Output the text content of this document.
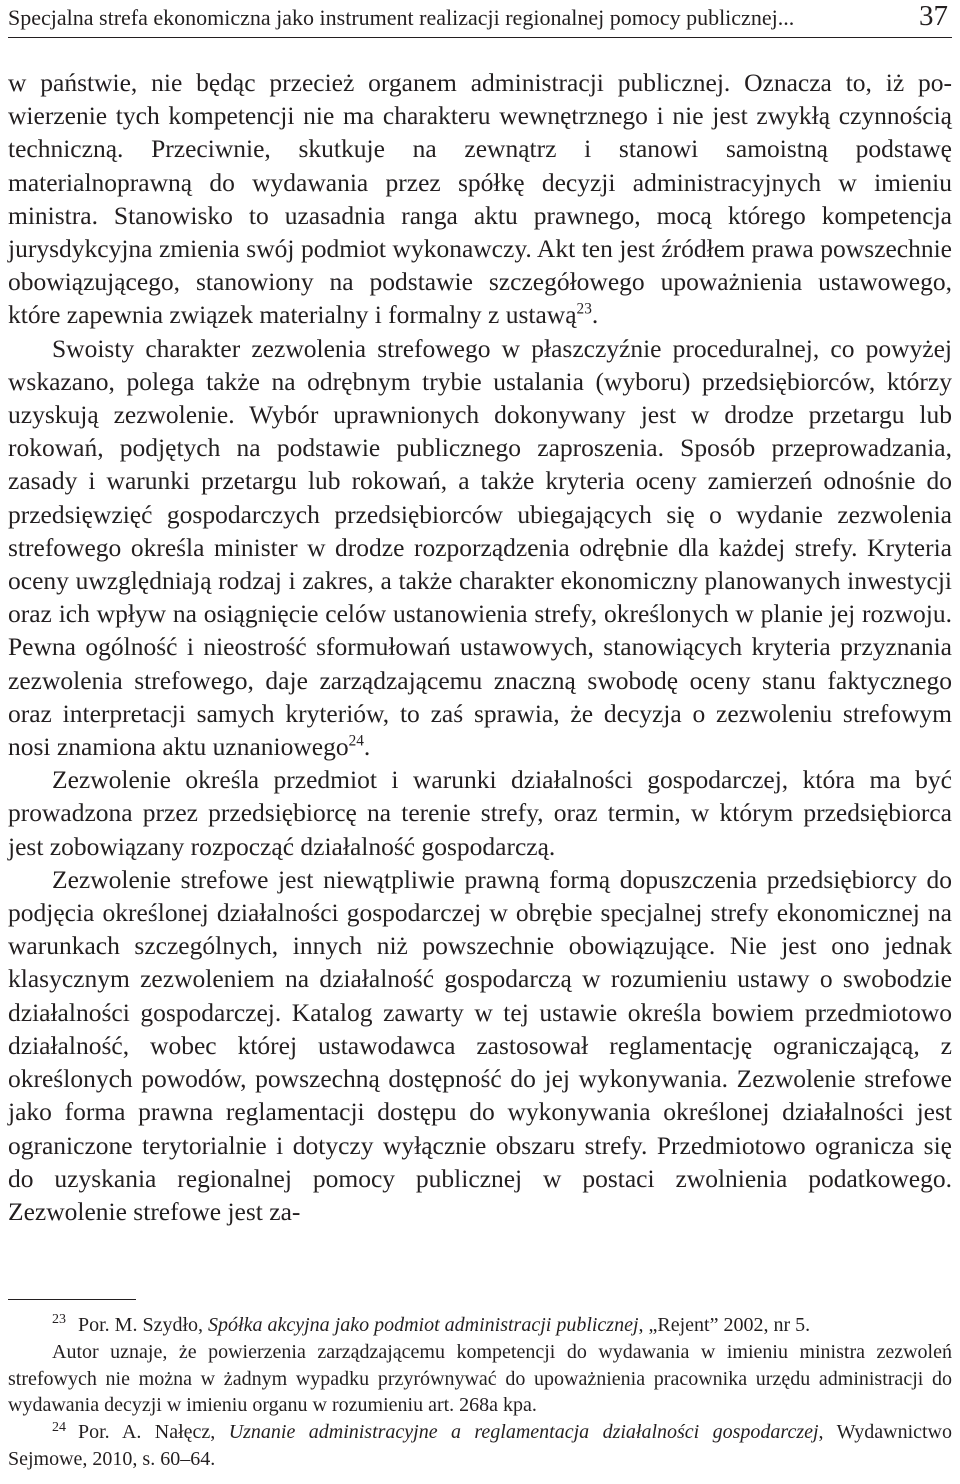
Specjalna strefa ekonomiczna jako instrument realizacji regionalnej pomocy publicznej...	37

w państwie, nie będąc przecież organem administracji publicznej. Oznacza to, iż powierzenie tych kompetencji nie ma charakteru wewnętrznego i nie jest zwykłą czynnością techniczną. Przeciwnie, skutkuje na zewnątrz i stanowi samoistną podstawę materialnoprawną do wydawania przez spółkę decyzji administracyjnych w imieniu ministra. Stanowisko to uzasadnia ranga aktu prawnego, mocą którego kompetencja jurysdykcyjna zmienia swój podmiot wykonawczy. Akt ten jest źródłem prawa powszechnie obowiązującego, stanowiony na podstawie szczegółowego upoważnienia ustawowego, które zapewnia związek materialny i formalny z ustawą$^{23}$.

Swoisty charakter zezwolenia strefowego w płaszczyźnie proceduralnej, co powyżej wskazano, polega także na odrębnym trybie ustalania (wyboru) przedsiębiorców, którzy uzyskują zezwolenie. Wybór uprawnionych dokonywany jest w drodze przetargu lub rokowań, podjętych na podstawie publicznego zaproszenia. Sposób przeprowadzania, zasady i warunki przetargu lub rokowań, a także kryteria oceny zamierzeń odnośnie do przedsięwzięć gospodarczych przedsiębiorców ubiegających się o wydanie zezwolenia strefowego określa minister w drodze rozporządzenia odrębnie dla każdej strefy. Kryteria oceny uwzględniają rodzaj i zakres, a także charakter ekonomiczny planowanych inwestycji oraz ich wpływ na osiągnięcie celów ustanowienia strefy, określonych w planie jej rozwoju. Pewna ogólność i nieostrość sformułowań ustawowych, stanowiących kryteria przyznania zezwolenia strefowego, daje zarządzającemu znaczną swobodę oceny stanu faktycznego oraz interpretacji samych kryteriów, to zaś sprawia, że decyzja o zezwoleniu strefowym nosi znamiona aktu uznaniowego$^{24}$.

Zezwolenie określa przedmiot i warunki działalności gospodarczej, która ma być prowadzona przez przedsiębiorcę na terenie strefy, oraz termin, w którym przedsiębiorca jest zobowiązany rozpocząć działalność gospodarczą.

Zezwolenie strefowe jest niewątpliwie prawną formą dopuszczenia przedsiębiorcy do podjęcia określonej działalności gospodarczej w obrębie specjalnej strefy ekonomicznej na warunkach szczególnych, innych niż powszechnie obowiązujące. Nie jest ono jednak klasycznym zezwoleniem na działalność gospodarczą w rozumieniu ustawy o swobodzie działalności gospodarczej. Katalog zawarty w tej ustawie określa bowiem przedmiotowo działalność, wobec której ustawodawca zastosował reglamentację ograniczającą, z określonych powodów, powszechną dostępność do jej wykonywania. Zezwolenie strefowe jako forma prawna reglamentacji dostępu do wykonywania określonej działalności jest ograniczone terytorialnie i dotyczy wyłącznie obszaru strefy. Przedmiotowo ogranicza się do uzyskania regionalnej pomocy publicznej w postaci zwolnienia podatkowego. Zezwolenie strefowe jest za-

$^{23}$ Por. M. Szydło, Spółka akcyjna jako podmiot administracji publicznej, „Rejent” 2002, nr 5.

Autor uznaje, że powierzenia zarządzającemu kompetencji do wydawania w imieniu ministra zezwoleń strefowych nie można w żadnym wypadku przyrównywać do upoważnienia pracownika urzędu administracji do wydawania decyzji w imieniu organu w rozumieniu art. 268a kpa.

$^{24}$ Por. A. Nałęcz, Uznanie administracyjne a reglamentacja działalności gospodarczej, Wydawnictwo Sejmowe, 2010, s. 60–64.
